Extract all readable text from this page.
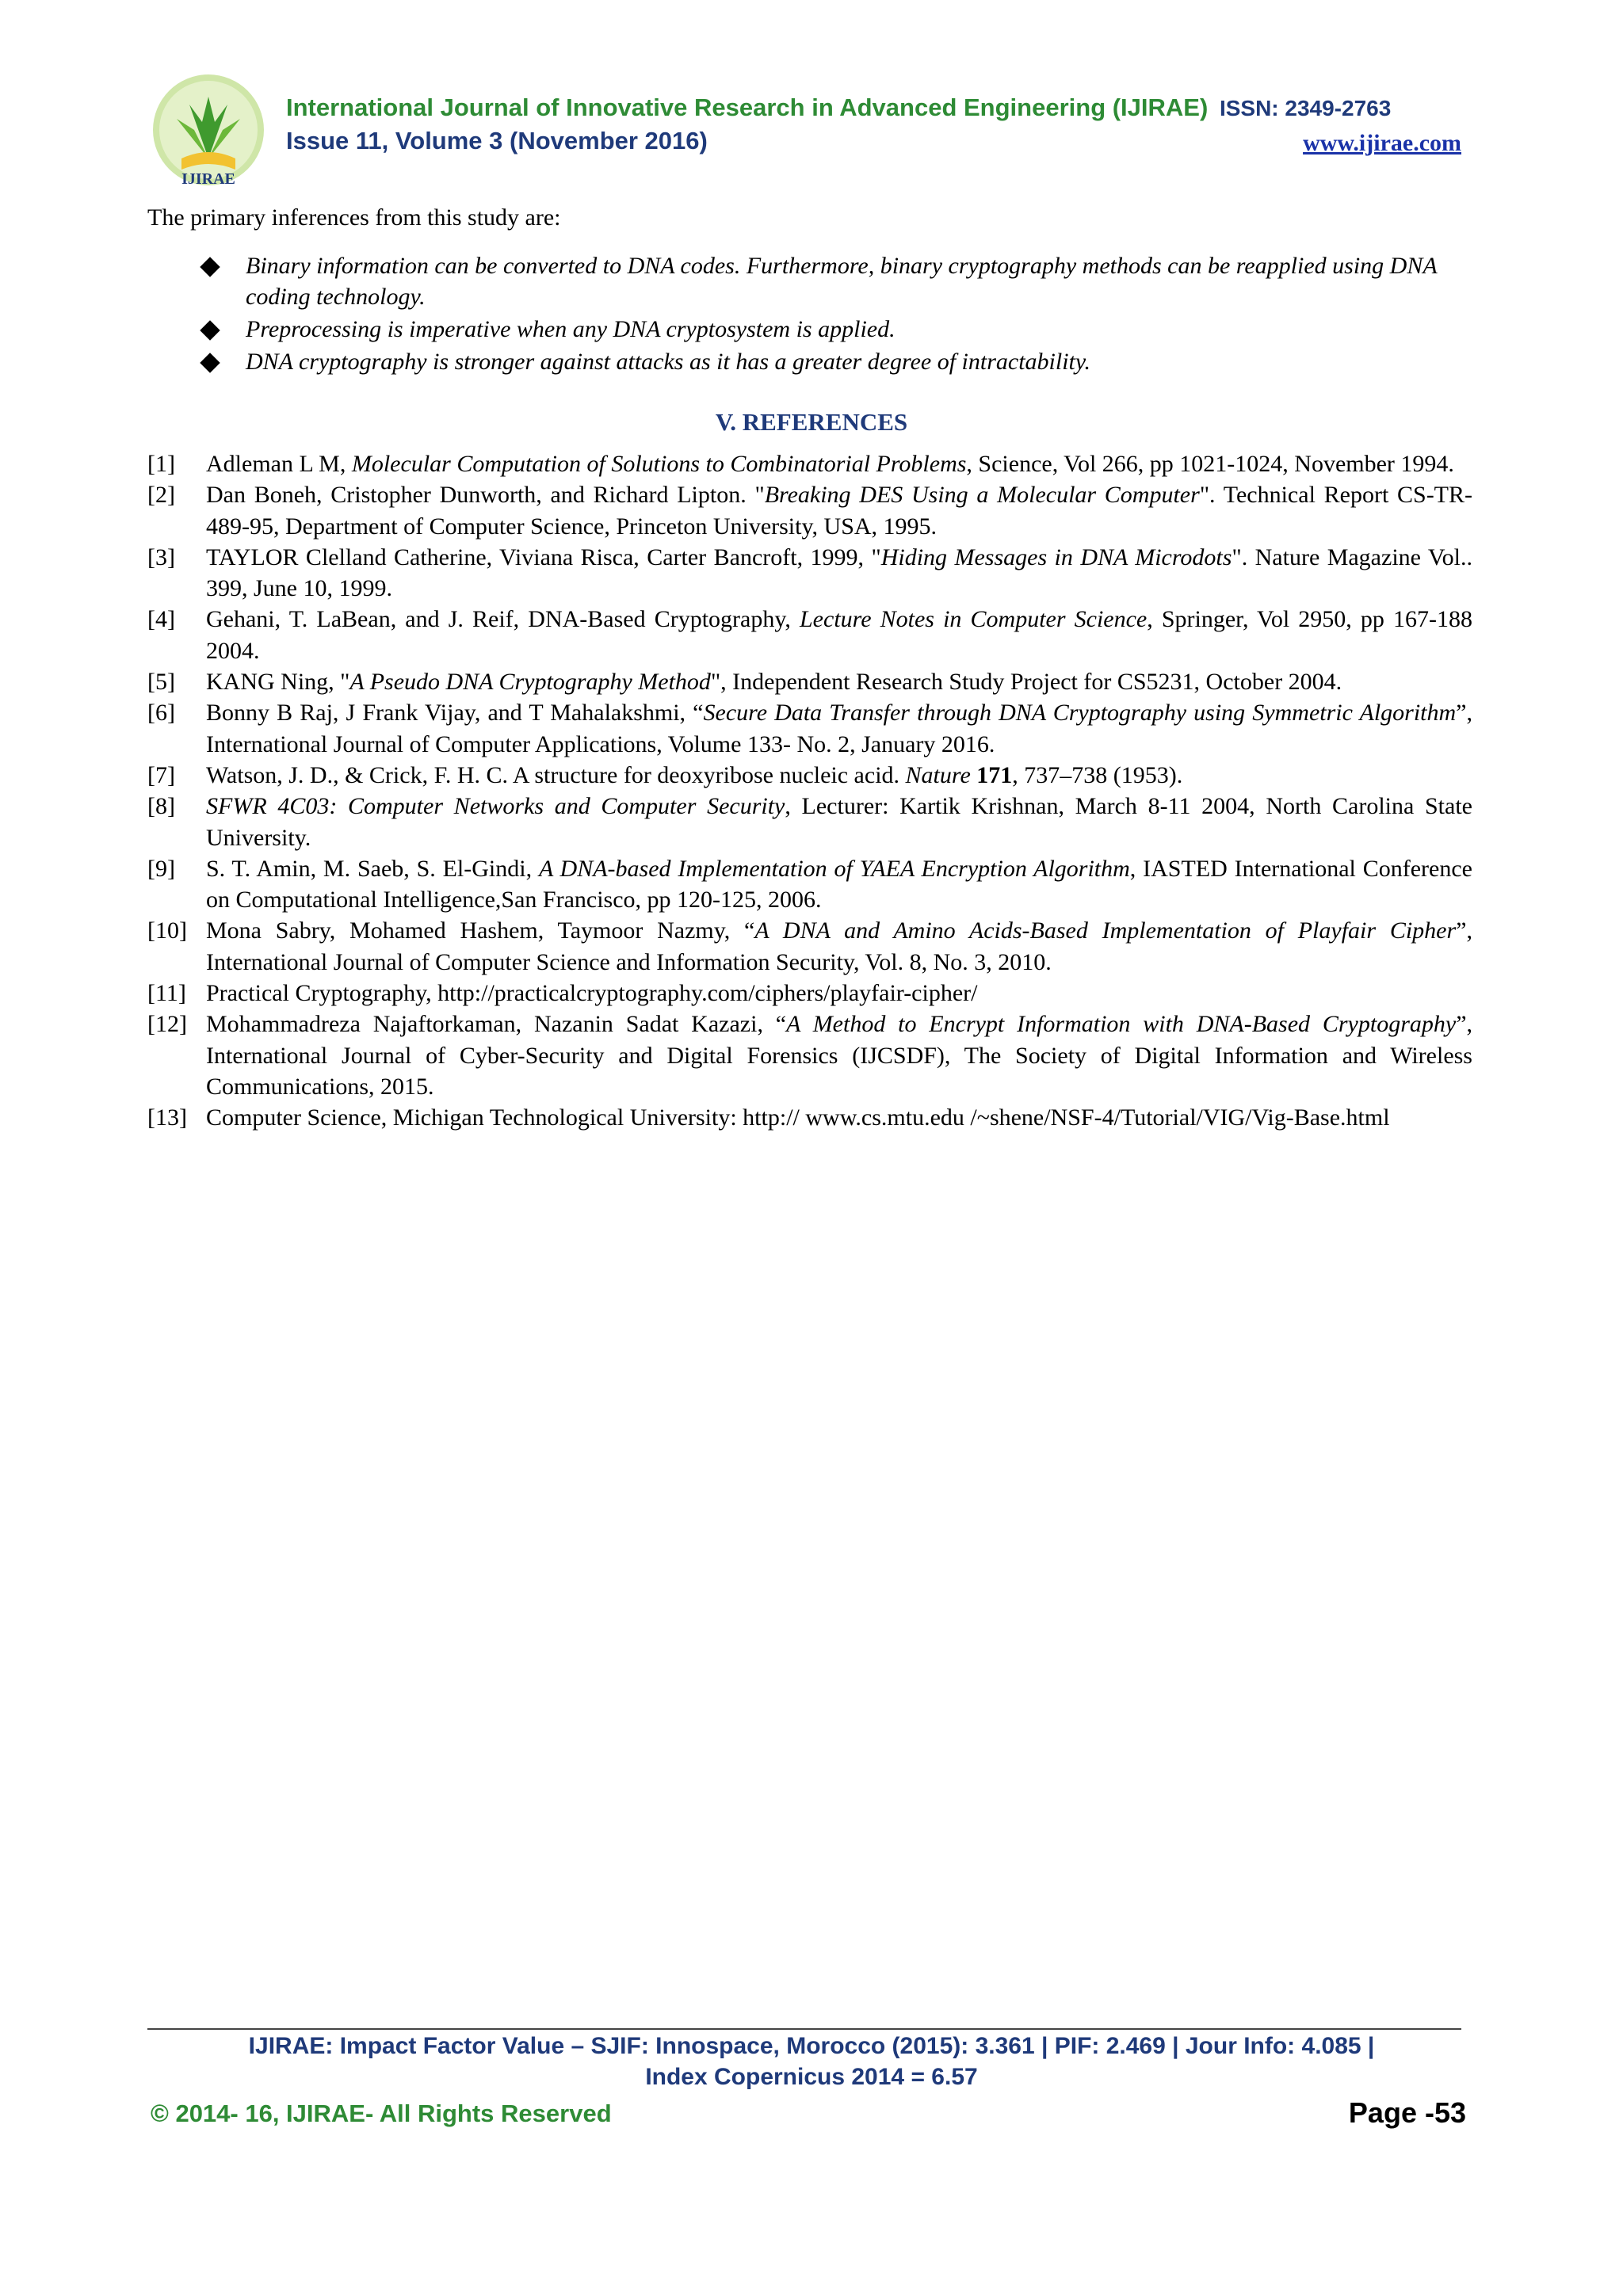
IJIRAE
International Journal of Innovative Research in Advanced Engineering (IJIRAE) ISSN: 2349-2763
Issue 11, Volume 3 (November 2016)	www.ijirae.com
The primary inferences from this study are:
Binary information can be converted to DNA codes. Furthermore, binary cryptography methods can be reapplied using DNA coding technology.
Preprocessing is imperative when any DNA cryptosystem is applied.
DNA cryptography is stronger against attacks as it has a greater degree of intractability.
V. REFERENCES
[1] Adleman L M, Molecular Computation of Solutions to Combinatorial Problems, Science, Vol 266, pp 1021-1024, November 1994.
[2] Dan Boneh, Cristopher Dunworth, and Richard Lipton. "Breaking DES Using a Molecular Computer". Technical Report CS-TR-489-95, Department of Computer Science, Princeton University, USA, 1995.
[3] TAYLOR Clelland Catherine, Viviana Risca, Carter Bancroft, 1999, "Hiding Messages in DNA Microdots". Nature Magazine Vol.. 399, June 10, 1999.
[4] Gehani, T. LaBean, and J. Reif, DNA-Based Cryptography, Lecture Notes in Computer Science, Springer, Vol 2950, pp 167-188 2004.
[5] KANG Ning, "A Pseudo DNA Cryptography Method", Independent Research Study Project for CS5231, October 2004.
[6] Bonny B Raj, J Frank Vijay, and T Mahalakshmi, “Secure Data Transfer through DNA Cryptography using Symmetric Algorithm”, International Journal of Computer Applications, Volume 133- No. 2, January 2016.
[7] Watson, J. D., & Crick, F. H. C. A structure for deoxyribose nucleic acid. Nature 171, 737–738 (1953).
[8] SFWR 4C03: Computer Networks and Computer Security, Lecturer: Kartik Krishnan, March 8-11 2004, North Carolina State University.
[9] S. T. Amin, M. Saeb, S. El-Gindi, A DNA-based Implementation of YAEA Encryption Algorithm, IASTED International Conference on Computational Intelligence,San Francisco, pp 120-125, 2006.
[10] Mona Sabry, Mohamed Hashem, Taymoor Nazmy, “A DNA and Amino Acids-Based Implementation of Playfair Cipher”, International Journal of Computer Science and Information Security, Vol. 8, No. 3, 2010.
[11] Practical Cryptography, http://practicalcryptography.com/ciphers/playfair-cipher/
[12] Mohammadreza Najaftorkaman, Nazanin Sadat Kazazi, “A Method to Encrypt Information with DNA-Based Cryptography”, International Journal of Cyber-Security and Digital Forensics (IJCSDF), The Society of Digital Information and Wireless Communications, 2015.
[13] Computer Science, Michigan Technological University: http:// www.cs.mtu.edu /~shene/NSF-4/Tutorial/VIG/Vig-Base.html
IJIRAE: Impact Factor Value – SJIF: Innospace, Morocco (2015): 3.361 | PIF: 2.469 | Jour Info: 4.085 |
Index Copernicus 2014 = 6.57
© 2014- 16, IJIRAE- All Rights Reserved	Page -53
